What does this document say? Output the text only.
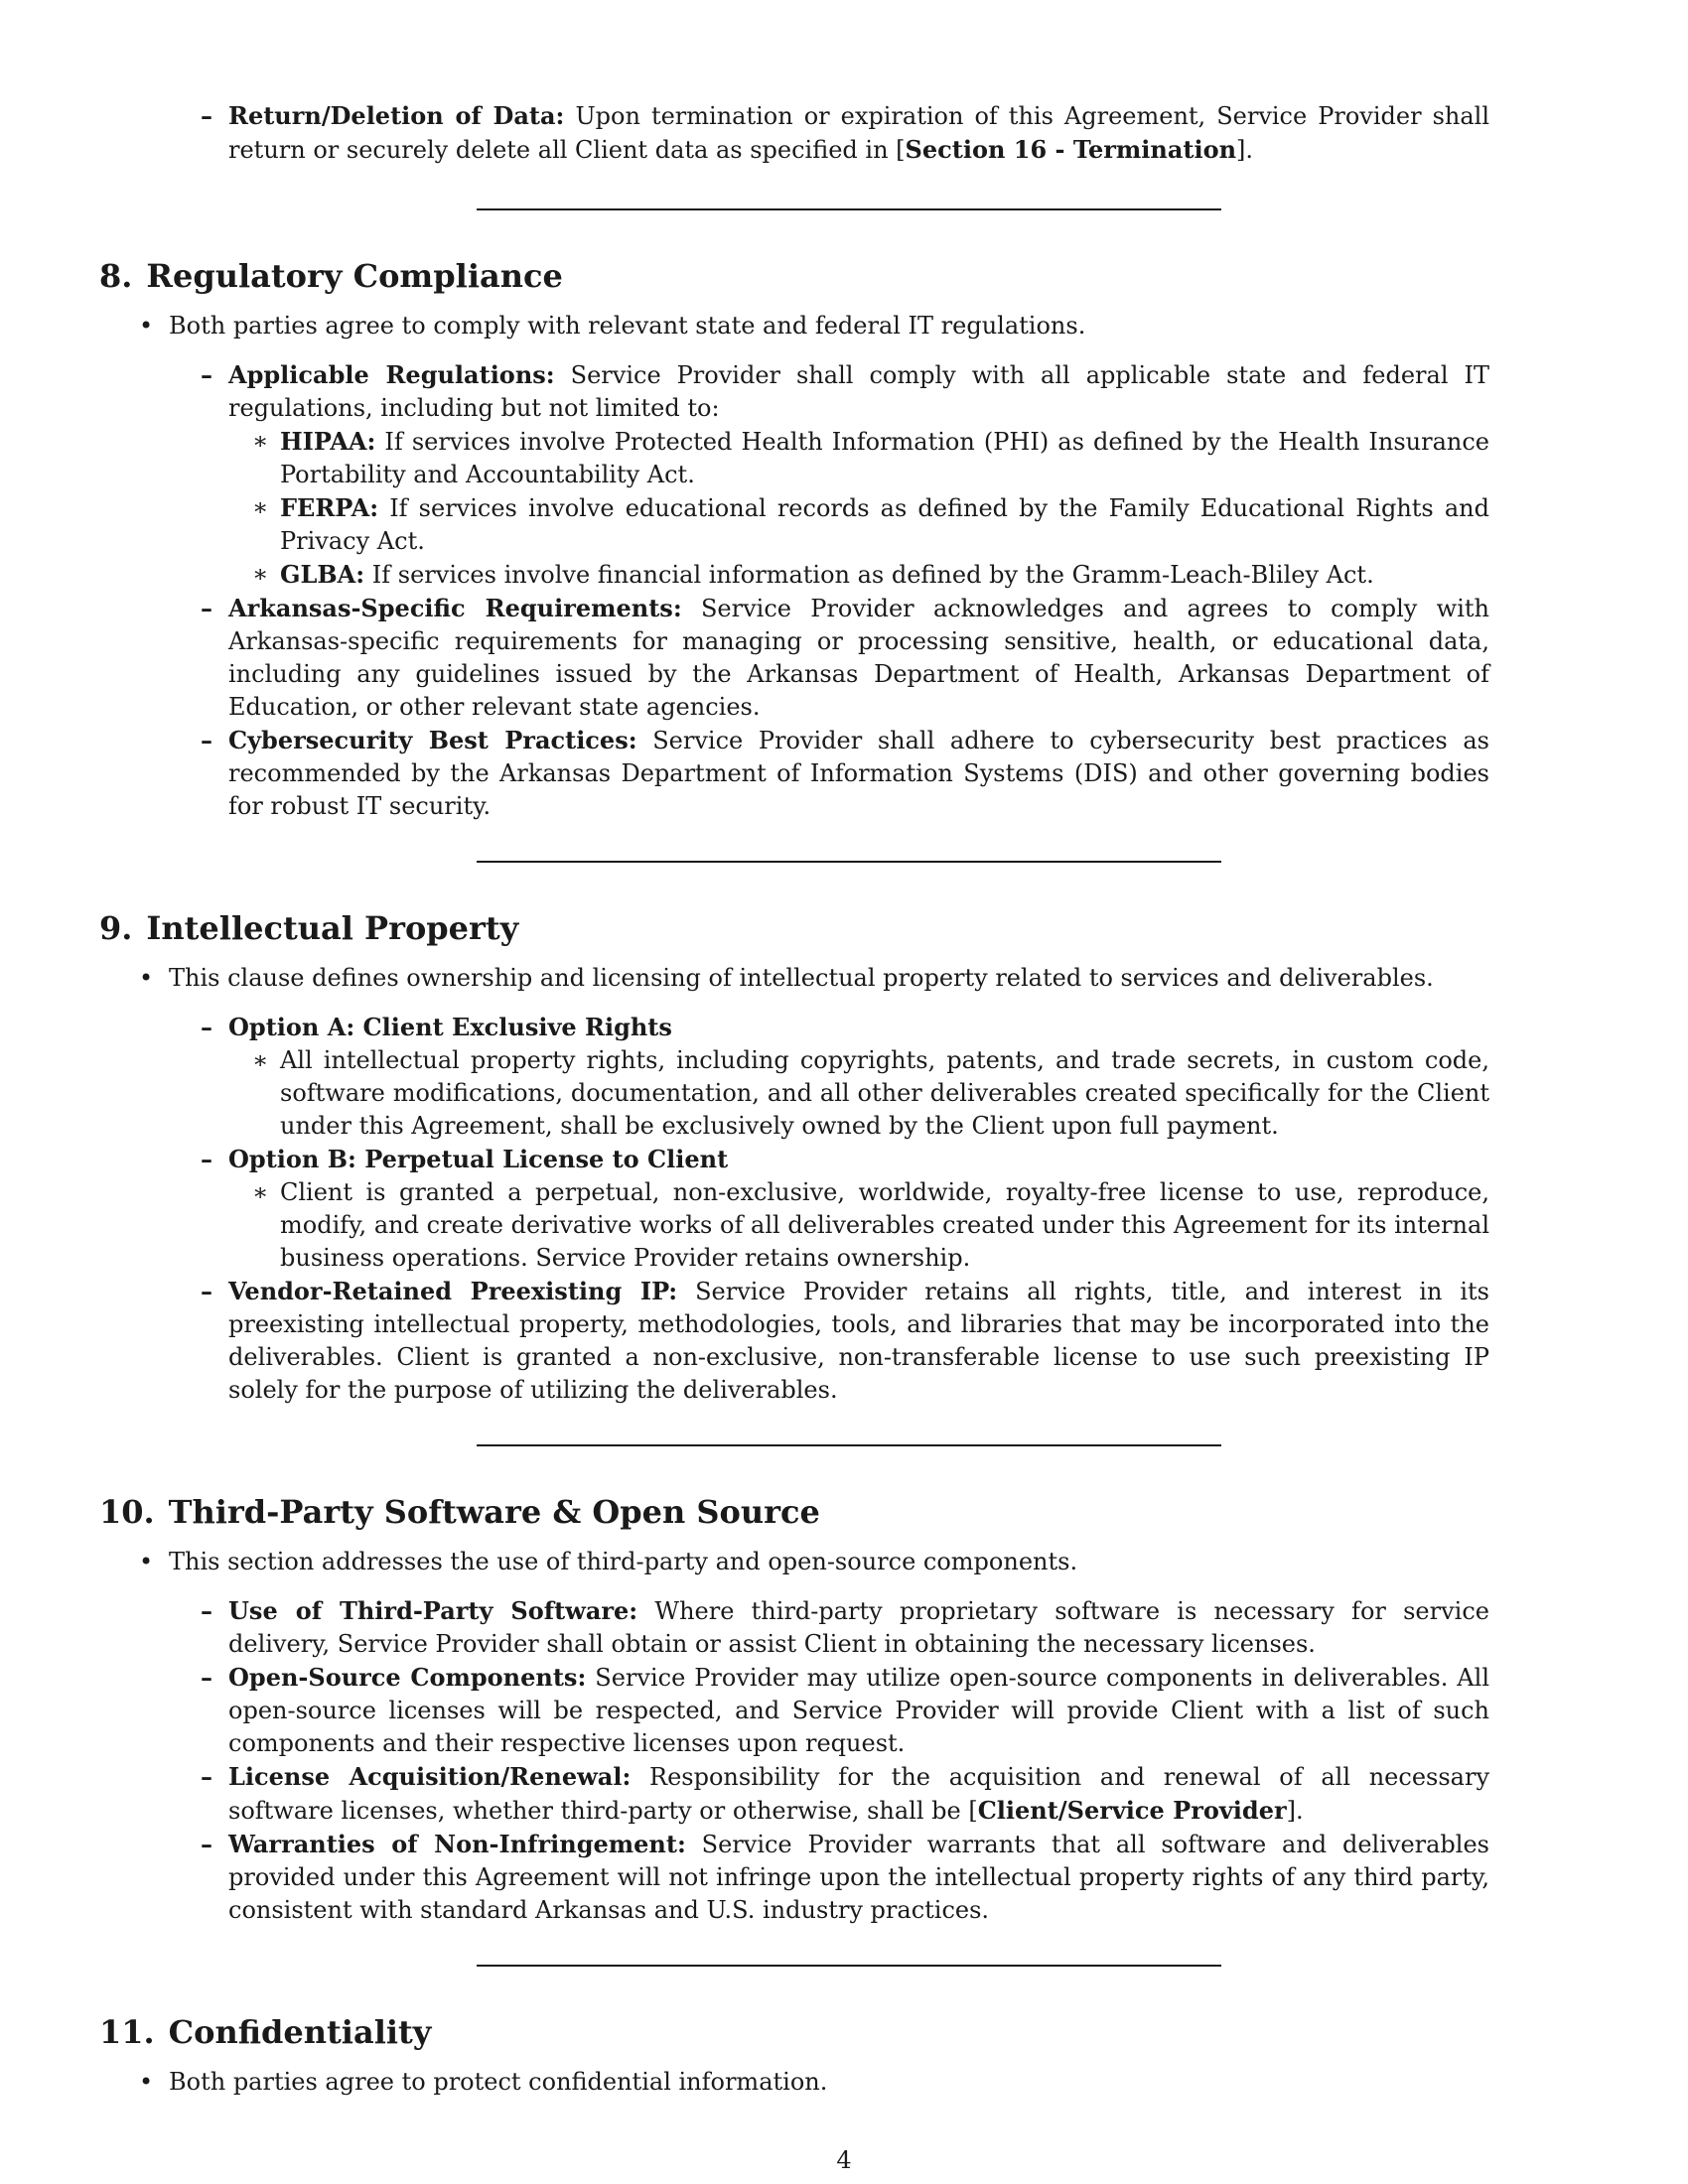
– Return/Deletion of Data: Upon termination or expiration of this Agreement, Service Provider shall return or securely delete all Client data as specified in [Section 16 - Termination].
8. Regulatory Compliance
• Both parties agree to comply with relevant state and federal IT regulations.
– Applicable Regulations: Service Provider shall comply with all applicable state and federal IT regulations, including but not limited to:
∗ HIPAA: If services involve Protected Health Information (PHI) as defined by the Health Insurance Portability and Accountability Act.
∗ FERPA: If services involve educational records as defined by the Family Educational Rights and Privacy Act.
∗ GLBA: If services involve financial information as defined by the Gramm-Leach-Bliley Act.
– Arkansas-Specific Requirements: Service Provider acknowledges and agrees to comply with Arkansas-specific requirements for managing or processing sensitive, health, or educational data, including any guidelines issued by the Arkansas Department of Health, Arkansas Department of Education, or other relevant state agencies.
– Cybersecurity Best Practices: Service Provider shall adhere to cybersecurity best practices as recommended by the Arkansas Department of Information Systems (DIS) and other governing bodies for robust IT security.
9. Intellectual Property
• This clause defines ownership and licensing of intellectual property related to services and deliverables.
– Option A: Client Exclusive Rights
∗ All intellectual property rights, including copyrights, patents, and trade secrets, in custom code, software modifications, documentation, and all other deliverables created specifically for the Client under this Agreement, shall be exclusively owned by the Client upon full payment.
– Option B: Perpetual License to Client
∗ Client is granted a perpetual, non-exclusive, worldwide, royalty-free license to use, reproduce, modify, and create derivative works of all deliverables created under this Agreement for its internal business operations. Service Provider retains ownership.
– Vendor-Retained Preexisting IP: Service Provider retains all rights, title, and interest in its preexisting intellectual property, methodologies, tools, and libraries that may be incorporated into the deliverables. Client is granted a non-exclusive, non-transferable license to use such preexisting IP solely for the purpose of utilizing the deliverables.
10. Third-Party Software & Open Source
• This section addresses the use of third-party and open-source components.
– Use of Third-Party Software: Where third-party proprietary software is necessary for service delivery, Service Provider shall obtain or assist Client in obtaining the necessary licenses.
– Open-Source Components: Service Provider may utilize open-source components in deliverables. All open-source licenses will be respected, and Service Provider will provide Client with a list of such components and their respective licenses upon request.
– License Acquisition/Renewal: Responsibility for the acquisition and renewal of all necessary software licenses, whether third-party or otherwise, shall be [Client/Service Provider].
– Warranties of Non-Infringement: Service Provider warrants that all software and deliverables provided under this Agreement will not infringe upon the intellectual property rights of any third party, consistent with standard Arkansas and U.S. industry practices.
11. Confidentiality
• Both parties agree to protect confidential information.
4
